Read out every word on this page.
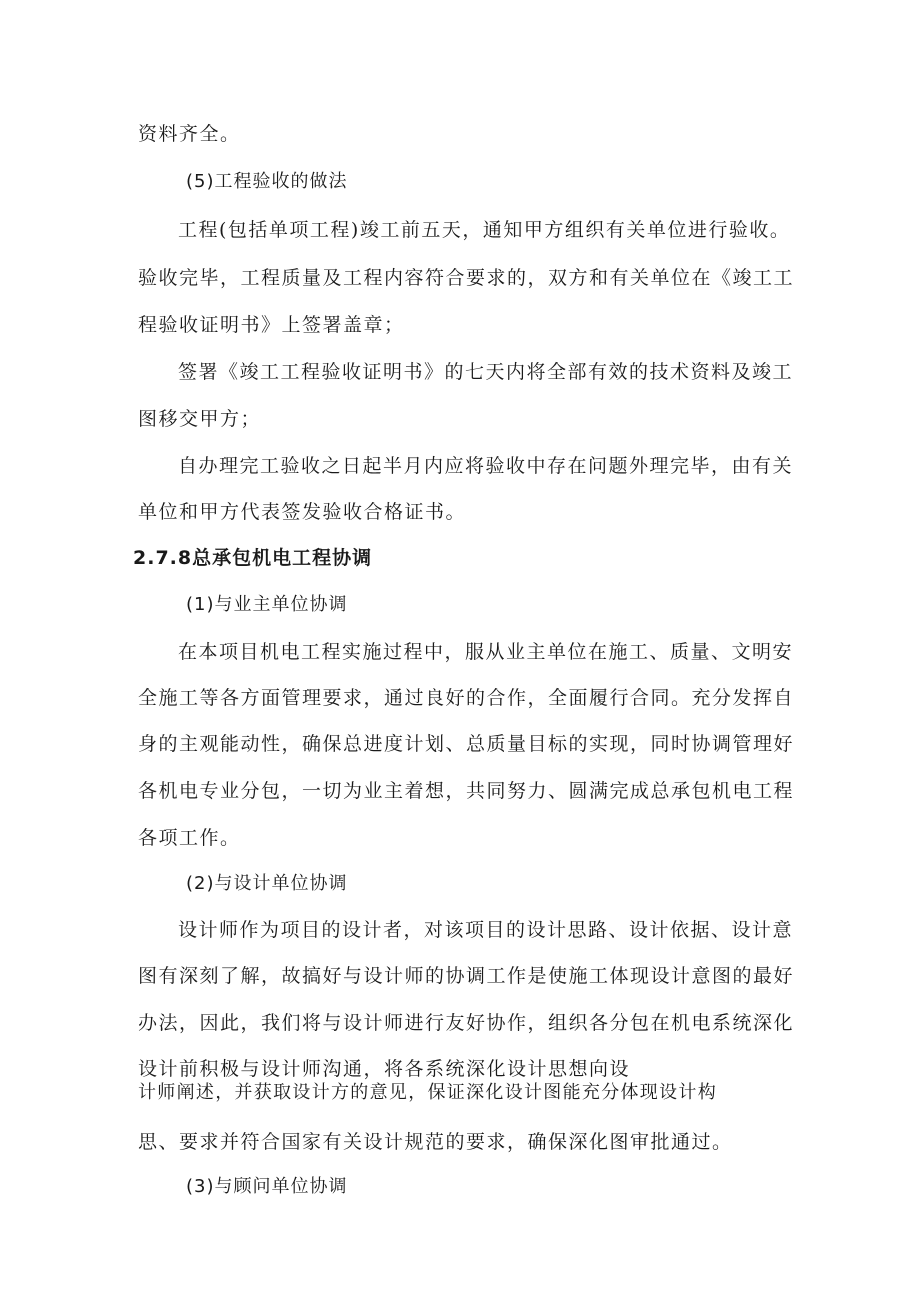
资料齐全。
(5)工程验收的做法
工程(包括单项工程)竣工前五天，通知甲方组织有关单位进行验收。
验收完毕，工程质量及工程内容符合要求的，双方和有关单位在《竣工工
程验收证明书》上签署盖章；
签署《竣工工程验收证明书》的七天内将全部有效的技术资料及竣工
图移交甲方；
自办理完工验收之日起半月内应将验收中存在问题外理完毕，由有关
单位和甲方代表签发验收合格证书。
2.7.8总承包机电工程协调
(1)与业主单位协调
在本项目机电工程实施过程中，服从业主单位在施工、质量、文明安
全施工等各方面管理要求，通过良好的合作，全面履行合同。充分发挥自
身的主观能动性，确保总进度计划、总质量目标的实现，同时协调管理好
各机电专业分包，一切为业主着想，共同努力、圆满完成总承包机电工程
各项工作。
(2)与设计单位协调
设计师作为项目的设计者，对该项目的设计思路、设计依据、设计意
图有深刻了解，故搞好与设计师的协调工作是使施工体现设计意图的最好
办法，因此，我们将与设计师进行友好协作，组织各分包在机电系统深化
设计前积极与设计师沟通，将各系统深化设计思想向设
计师阐述，并获取设计方的意见，保证深化设计图能充分体现设计构
思、要求并符合国家有关设计规范的要求，确保深化图审批通过。
(3)与顾问单位协调
